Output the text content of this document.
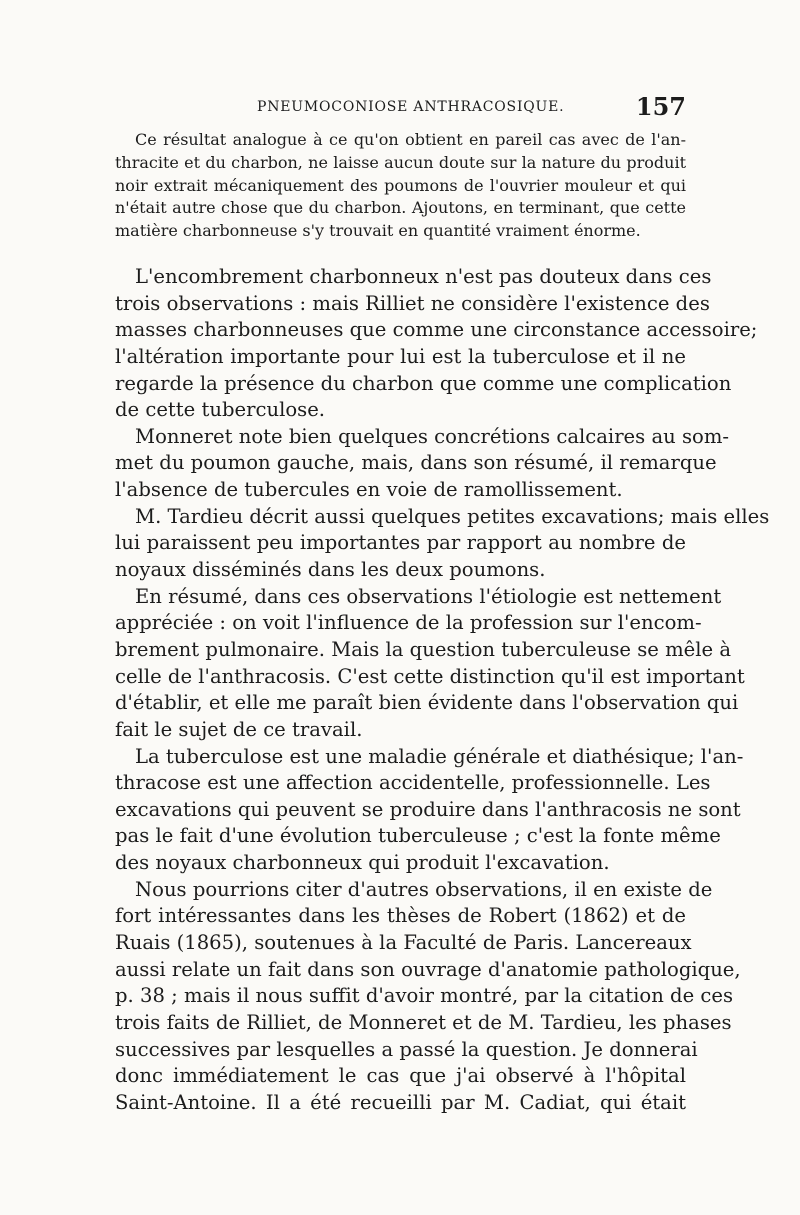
PNEUMOCONIOSE ANTHRACOSIQUE.	157
Ce résultat analogue à ce qu'on obtient en pareil cas avec de l'an-
thracite et du charbon, ne laisse aucun doute sur la nature du produit
noir extrait mécaniquement des poumons de l'ouvrier mouleur et qui
n'était autre chose que du charbon. Ajoutons, en terminant, que cette
matière charbonneuse s'y trouvait en quantité vraiment énorme.
L'encombrement charbonneux n'est pas douteux dans ces
trois observations : mais Rilliet ne considère l'existence des
masses charbonneuses que comme une circonstance accessoire;
l'altération importante pour lui est la tuberculose et il ne
regarde la présence du charbon que comme une complication
de cette tuberculose.
Monneret note bien quelques concrétions calcaires au som-
met du poumon gauche, mais, dans son résumé, il remarque
l'absence de tubercules en voie de ramollissement.
M. Tardieu décrit aussi quelques petites excavations; mais elles
lui paraissent peu importantes par rapport au nombre de
noyaux disséminés dans les deux poumons.
En résumé, dans ces observations l'étiologie est nettement
appréciée : on voit l'influence de la profession sur l'encom-
brement pulmonaire. Mais la question tuberculeuse se mêle à
celle de l'anthracosis. C'est cette distinction qu'il est important
d'établir, et elle me paraît bien évidente dans l'observation qui
fait le sujet de ce travail.
La tuberculose est une maladie générale et diathésique; l'an-
thracose est une affection accidentelle, professionnelle. Les
excavations qui peuvent se produire dans l'anthracosis ne sont
pas le fait d'une évolution tuberculeuse ; c'est la fonte même
des noyaux charbonneux qui produit l'excavation.
Nous pourrions citer d'autres observations, il en existe de
fort intéressantes dans les thèses de Robert (1862) et de
Ruais (1865), soutenues à la Faculté de Paris. Lancereaux
aussi relate un fait dans son ouvrage d'anatomie pathologique,
p. 38 ; mais il nous suffit d'avoir montré, par la citation de ces
trois faits de Rilliet, de Monneret et de M. Tardieu, les phases
successives par lesquelles a passé la question. Je donnerai
donc immédiatement le cas que j'ai observé à l'hôpital
Saint-Antoine. Il a été recueilli par M. Cadiat, qui était
